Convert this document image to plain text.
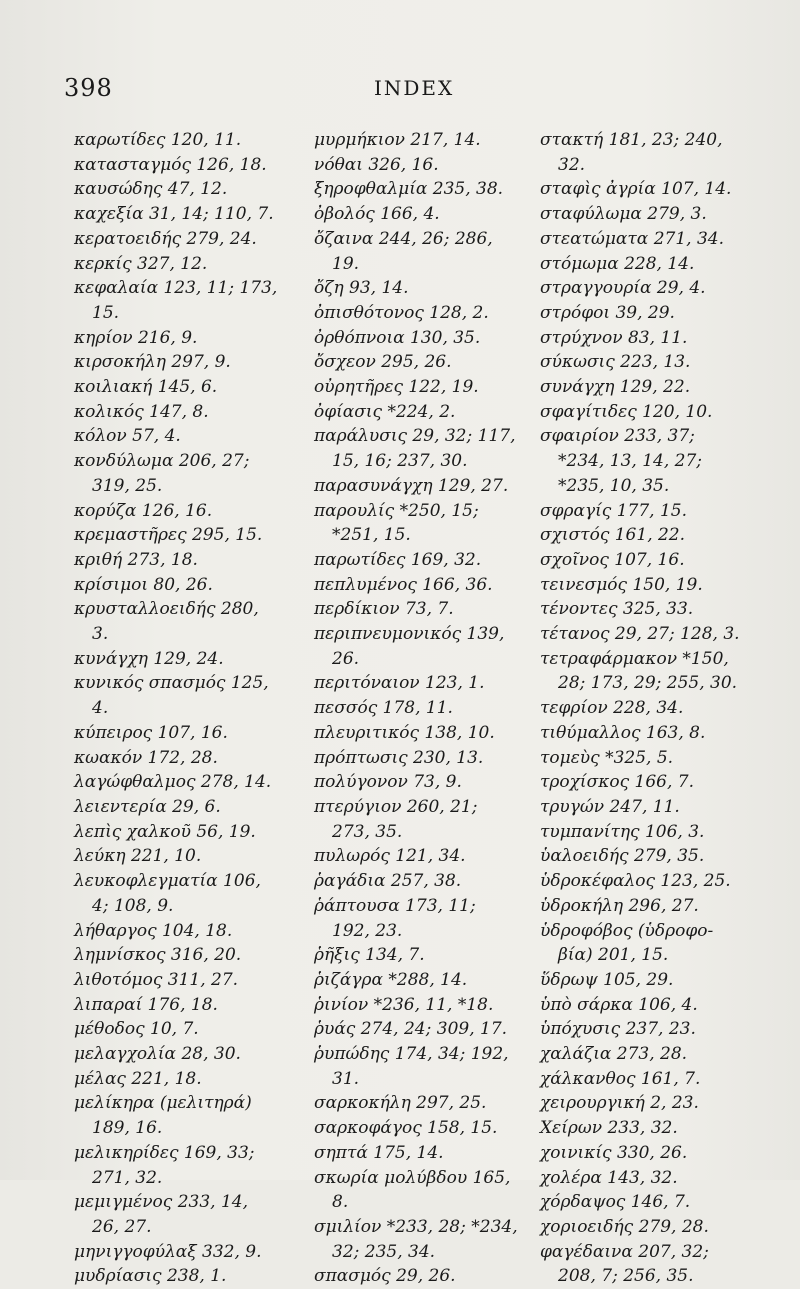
398	INDEX
καρωτίδες 120, 11.
κατασταγμός 126, 18.
καυσώδης 47, 12.
καχεξία 31, 14; 110, 7.
κερατοειδής 279, 24.
κερκίς 327, 12.
κεφαλαία 123, 11; 173,
15.
κηρίον 216, 9.
κιρσοκήλη 297, 9.
κοιλιακή 145, 6.
κολικός 147, 8.
κόλον 57, 4.
κονδύλωμα 206, 27;
319, 25.
κορύζα 126, 16.
κρεμαστῆρες 295, 15.
κριθή 273, 18.
κρίσιμοι 80, 26.
κρυσταλλοειδής 280,
3.
κυνάγχη 129, 24.
κυνικός σπασμός 125,
4.
κύπειρος 107, 16.
κωακόν 172, 28.
λαγώφθαλμος 278, 14.
λειεντερία 29, 6.
λεπὶς χαλκοῦ 56, 19.
λεύκη 221, 10.
λευκοφλεγματία 106,
4; 108, 9.
λήθαργος 104, 18.
λημνίσκος 316, 20.
λιθοτόμος 311, 27.
λιπαραί 176, 18.
μέθοδος 10, 7.
μελαγχολία 28, 30.
μέλας 221, 18.
μελίκηρα (μελιτηρά)
189, 16.
μελικηρίδες 169, 33;
271, 32.
μεμιγμένος 233, 14,
26, 27.
μηνιγγοφύλαξ 332, 9.
μυδρίασις 238, 1.
μυρμήκιον 217, 14.
νόθαι 326, 16.
ξηροφθαλμία 235, 38.
ὀβολός 166, 4.
ὄζαινα 244, 26; 286,
19.
ὄζη 93, 14.
ὀπισθότονος 128, 2.
ὀρθόπνοια 130, 35.
ὄσχεον 295, 26.
οὐρητῆρες 122, 19.
ὀφίασις *224, 2.
παράλυσις 29, 32; 117,
15, 16; 237, 30.
παρασυνάγχη 129, 27.
παρουλίς *250, 15;
*251, 15.
παρωτίδες 169, 32.
πεπλυμένος 166, 36.
περδίκιον 73, 7.
περιπνευμονικός 139,
26.
περιτόναιον 123, 1.
πεσσός 178, 11.
πλευριτικός 138, 10.
πρόπτωσις 230, 13.
πολύγονον 73, 9.
πτερύγιον 260, 21;
273, 35.
πυλωρός 121, 34.
ῥαγάδια 257, 38.
ῥάπτουσα 173, 11;
192, 23.
ῥῆξις 134, 7.
ῥιζάγρα *288, 14.
ῥινίον *236, 11, *18.
ῥυάς 274, 24; 309, 17.
ῥυπώδης 174, 34; 192,
31.
σαρκοκήλη 297, 25.
σαρκοφάγος 158, 15.
σηπτά 175, 14.
σκωρία μολύβδου 165,
8.
σμιλίον *233, 28; *234,
32; 235, 34.
σπασμός 29, 26.
στακτή 181, 23; 240,
32.
σταφὶς ἀγρία 107, 14.
σταφύλωμα 279, 3.
στεατώματα 271, 34.
στόμωμα 228, 14.
στραγγουρία 29, 4.
στρόφοι 39, 29.
στρύχνον 83, 11.
σύκωσις 223, 13.
συνάγχη 129, 22.
σφαγίτιδες 120, 10.
σφαιρίον 233, 37;
*234, 13, 14, 27;
*235, 10, 35.
σφραγίς 177, 15.
σχιστός 161, 22.
σχοῖνος 107, 16.
τεινεσμός 150, 19.
τένοντες 325, 33.
τέτανος 29, 27; 128, 3.
τετραφάρμακον *150,
28; 173, 29; 255, 30.
τεφρίον 228, 34.
τιθύμαλλος 163, 8.
τομεὺς *325, 5.
τροχίσκος 166, 7.
τρυγών 247, 11.
τυμπανίτης 106, 3.
ὑαλοειδής 279, 35.
ὑδροκέφαλος 123, 25.
ὑδροκήλη 296, 27.
ὑδροφόβος (ὑδροφο-
βία) 201, 15.
ὕδρωψ 105, 29.
ὑπὸ σάρκα 106, 4.
ὑπόχυσις 237, 23.
χαλάζια 273, 28.
χάλκανθος 161, 7.
χειρουργική 2, 23.
Χείρων 233, 32.
χοινικίς 330, 26.
χολέρα 143, 32.
χόρδαψος 146, 7.
χοριοειδής 279, 28.
φαγέδαινα 207, 32;
208, 7; 256, 35.
